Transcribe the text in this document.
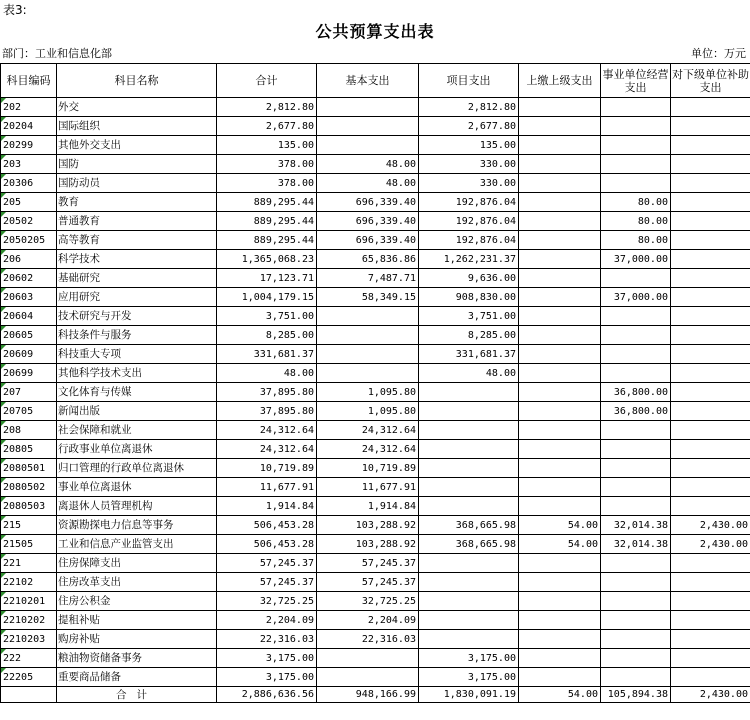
表3:
公共预算支出表
部门：工业和信息化部	单位：万元
科目编码	科目名称	合计	基本支出	项目支出	上缴上级支出	事业单位经营支出	对下级单位补助支出
202	外交	2,812.80		2,812.80			
20204	国际组织	2,677.80		2,677.80			
20299	其他外交支出	135.00		135.00			
203	国防	378.00	48.00	330.00			
20306	国防动员	378.00	48.00	330.00			
205	教育	889,295.44	696,339.40	192,876.04		80.00	
20502	普通教育	889,295.44	696,339.40	192,876.04		80.00	
2050205	高等教育	889,295.44	696,339.40	192,876.04		80.00	
206	科学技术	1,365,068.23	65,836.86	1,262,231.37		37,000.00	
20602	基础研究	17,123.71	7,487.71	9,636.00			
20603	应用研究	1,004,179.15	58,349.15	908,830.00		37,000.00	
20604	技术研究与开发	3,751.00		3,751.00			
20605	科技条件与服务	8,285.00		8,285.00			
20609	科技重大专项	331,681.37		331,681.37			
20699	其他科学技术支出	48.00		48.00			
207	文化体育与传媒	37,895.80	1,095.80			36,800.00	
20705	新闻出版	37,895.80	1,095.80			36,800.00	
208	社会保障和就业	24,312.64	24,312.64				
20805	行政事业单位离退休	24,312.64	24,312.64				
2080501	归口管理的行政单位离退休	10,719.89	10,719.89				
2080502	事业单位离退休	11,677.91	11,677.91				
2080503	离退休人员管理机构	1,914.84	1,914.84				
215	资源勘探电力信息等事务	506,453.28	103,288.92	368,665.98	54.00	32,014.38	2,430.00
21505	工业和信息产业监管支出	506,453.28	103,288.92	368,665.98	54.00	32,014.38	2,430.00
221	住房保障支出	57,245.37	57,245.37				
22102	住房改革支出	57,245.37	57,245.37				
2210201	住房公积金	32,725.25	32,725.25				
2210202	提租补贴	2,204.09	2,204.09				
2210203	购房补贴	22,316.03	22,316.03				
222	粮油物资储备事务	3,175.00		3,175.00			
22205	重要商品储备	3,175.00		3,175.00			
	合计	2,886,636.56	948,166.99	1,830,091.19	54.00	105,894.38	2,430.00
